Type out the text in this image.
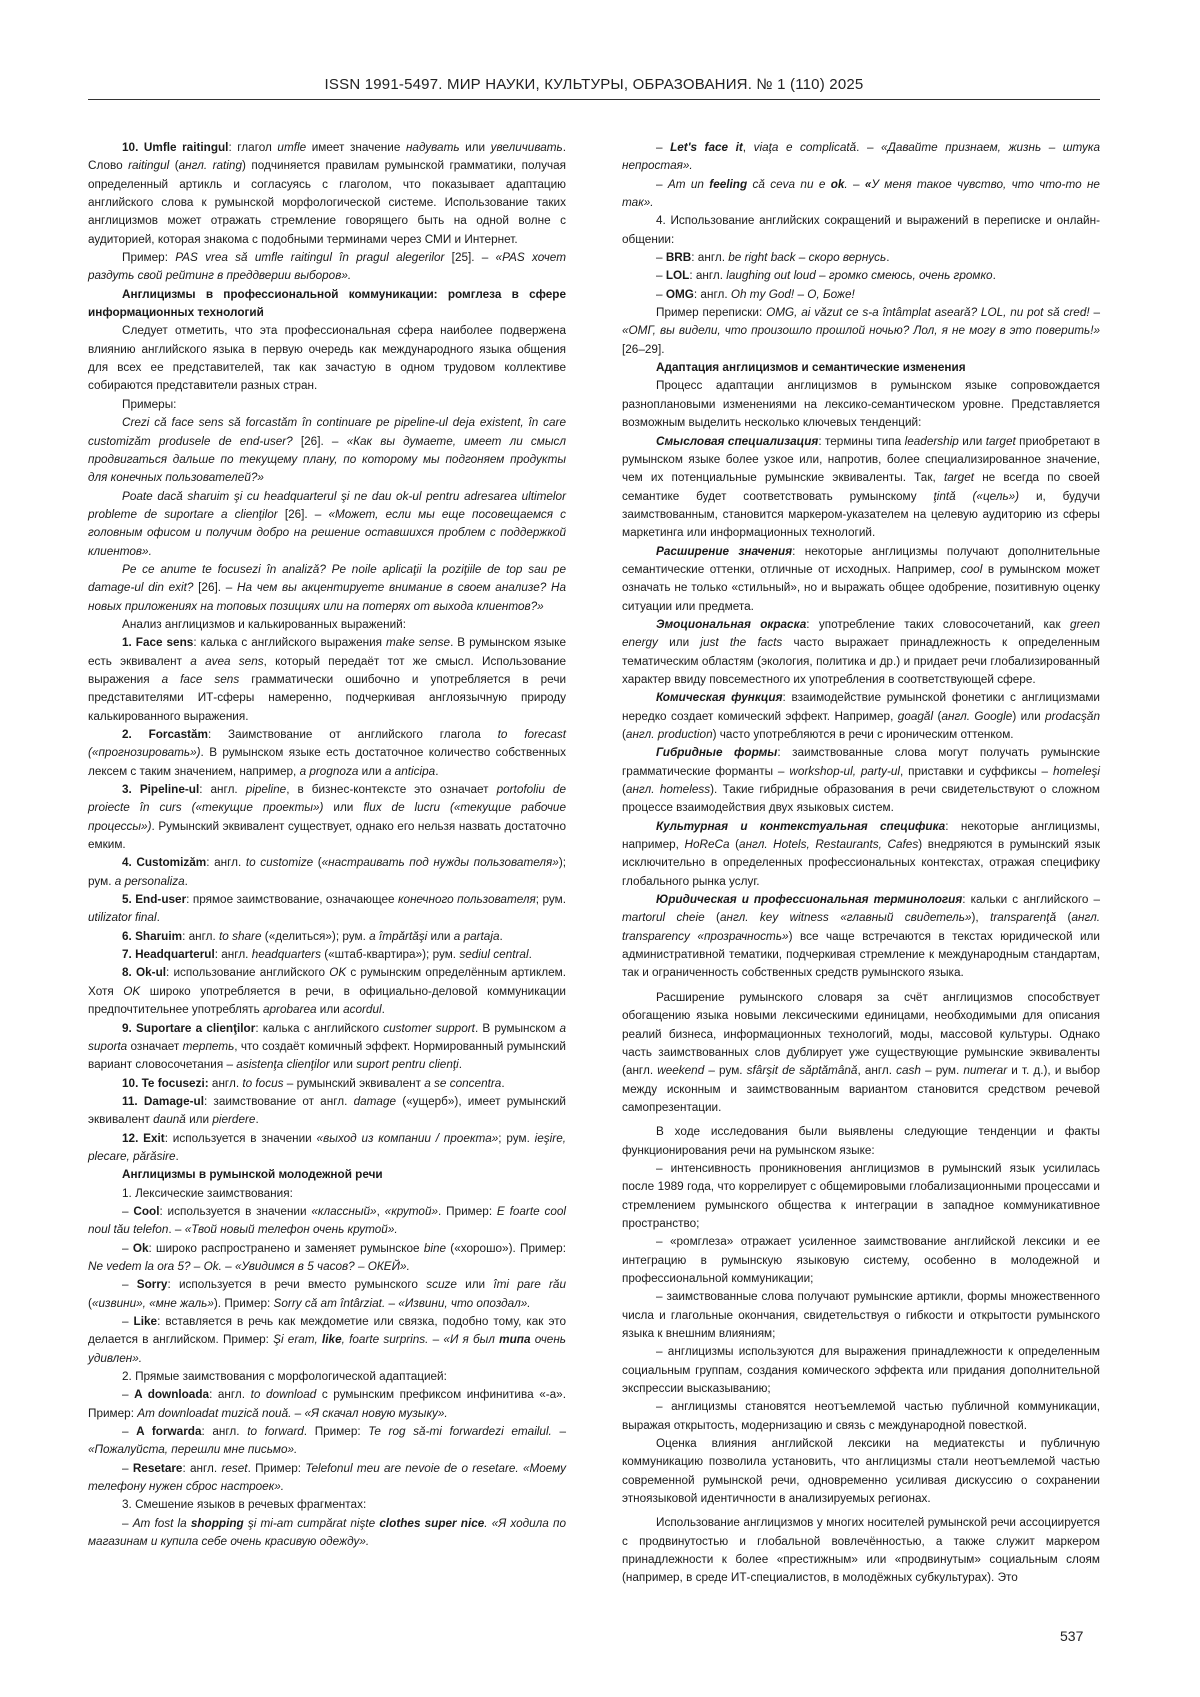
ISSN 1991-5497. МИР НАУКИ, КУЛЬТУРЫ, ОБРАЗОВАНИЯ. № 1 (110) 2025

10. Umfle raitingul: глагол umfle имеет значение надувать или увеличивать. Слово raitingul (англ. rating) подчиняется правилам румынской грамматики, получая определенный артикль и согласуясь с глаголом, что показывает адаптацию английского слова к румынской морфологической системе. Использование таких англицизмов может отражать стремление говорящего быть на одной волне с аудиторией, которая знакома с подобными терминами через СМИ и Интернет.

Пример: PAS vrea să umfle raitingul în pragul alegerilor [25]. – «PAS хочет раздуть свой рейтинг в преддверии выборов».

Англицизмы в профессиональной коммуникации: ромглеза в сфере информационных технологий

Следует отметить, что эта профессиональная сфера наиболее подвержена влиянию английского языка в первую очередь как международного языка общения для всех ее представителей, так как зачастую в одном трудовом коллективе собираются представители разных стран.

Примеры:

Crezi că face sens să forcastăm în continuare pe pipeline-ul deja existent, în care customizăm produsele de end-user? [26]. – «Как вы думаете, имеет ли смысл продвигаться дальше по текущему плану, по которому мы подгоняем продукты для конечных пользователей?»

Poate dacă sharuim şi cu headquarterul şi ne dau ok-ul pentru adresarea ultimelor probleme de suportare a clienţilor [26]. – «Может, если мы еще посовещаемся с головным офисом и получим добро на решение оставшихся проблем с поддержкой клиентов».

Pe ce anume te focusezi în analiză? Pe noile aplicaţii la poziţiile de top sau pe damage-ul din exit? [26]. – На чем вы акцентируете внимание в своем анализе? На новых приложениях на топовых позициях или на потерях от выхода клиентов?»

Анализ англицизмов и калькированных выражений:

1. Face sens: калька с английского выражения make sense. В румынском языке есть эквивалент a avea sens, который передаёт тот же смысл. Использование выражения a face sens грамматически ошибочно и употребляется в речи представителями ИТ-сферы намеренно, подчеркивая англоязычную природу калькированного выражения.

2. Forcastăm: Заимствование от английского глагола to forecast («прогнозировать»). В румынском языке есть достаточное количество собственных лексем с таким значением, например, a prognoza или a anticipa.

3. Pipeline-ul: англ. pipeline, в бизнес-контексте это означает portofoliu de proiecte în curs («текущие проекты») или flux de lucru («текущие рабочие процессы»). Румынский эквивалент существует, однако его нельзя назвать достаточно емким.

4. Customizăm: англ. to customize («настраивать под нужды пользователя»); рум. a personaliza.

5. End-user: прямое заимствование, означающее конечного пользователя; рум. utilizator final.

6. Sharuim: англ. to share («делиться»); рум. a împărtăşi или a partaja.

7. Headquarterul: англ. headquarters («штаб-квартира»); рум. sediul central.

8. Ok-ul: использование английского OK с румынским определённым артиклем. Хотя OK широко употребляется в речи, в официально-деловой коммуникации предпочтительнее употреблять aprobarea или acordul.

9. Suportare a clienţilor: калька с английского customer support. В румынском a suporta означает терпеть, что создаёт комичный эффект. Нормированный румынский вариант словосочетания – asistenţa clienţilor или suport pentru clienţi.

10. Te focusezi: англ. to focus – румынский эквивалент a se concentra.

11. Damage-ul: заимствование от англ. damage («ущерб»), имеет румынский эквивалент daună или pierdere.

12. Exit: используется в значении «выход из компании / проекта»; рум. ieşire, plecare, părăsire.

Англицизмы в румынской молодежной речи

1. Лексические заимствования:

– Cool: используется в значении «классный», «крутой». Пример: E foarte cool noul tău telefon. – «Твой новый телефон очень крутой».

– Ok: широко распространено и заменяет румынское bine («хорошо»). Пример: Ne vedem la ora 5? – Ok. – «Увидимся в 5 часов? – ОКЕЙ».

– Sorry: используется в речи вместо румынского scuze или îmi pare rău («извини», «мне жаль»). Пример: Sorry că am întârziat. – «Извини, что опоздал».

– Like: вставляется в речь как междометие или связка, подобно тому, как это делается в английском. Пример: Şi eram, like, foarte surprins. – «И я был типа очень удивлен».

2. Прямые заимствования с морфологической адаптацией:

– A downloada: англ. to download с румынским префиксом инфинитива «-a». Пример: Am downloadat muzică nouă. – «Я скачал новую музыку».

– A forwarda: англ. to forward. Пример: Te rog să-mi forwardezi emailul. – «Пожалуйста, перешли мне письмо».

– Resetare: англ. reset. Пример: Telefonul meu are nevoie de o resetare. «Моему телефону нужен сброс настроек».

3. Смешение языков в речевых фрагментах:

– Am fost la shopping şi mi-am cumpărat nişte clothes super nice. «Я ходила по магазинам и купила себе очень красивую одежду».

– Let's face it, viaţa e complicată. – «Давайте признаем, жизнь – штука непростая».

– Am un feeling că ceva nu e ok. – «У меня такое чувство, что что-то не так».

4. Использование английских сокращений и выражений в переписке и онлайн-общении:

– BRB: англ. be right back – скоро вернусь.

– LOL: англ. laughing out loud – громко смеюсь, очень громко.

– OMG: англ. Oh my God! – О, Боже!

Пример переписки: OMG, ai văzut ce s-a întâmplat aseară? LOL, nu pot să cred! – «ОМГ, вы видели, что произошло прошлой ночью? Лол, я не могу в это поверить!» [26–29].

Адаптация англицизмов и семантические изменения

Процесс адаптации англицизмов в румынском языке сопровождается разноплановыми изменениями на лексико-семантическом уровне. Представляется возможным выделить несколько ключевых тенденций:

Смысловая специализация: термины типа leadership или target приобретают в румынском языке более узкое или, напротив, более специализированное значение, чем их потенциальные румынские эквиваленты. Так, target не всегда по своей семантике будет соответствовать румынскому ţintă («цель») и, будучи заимствованным, становится маркером-указателем на целевую аудиторию из сферы маркетинга или информационных технологий.

Расширение значения: некоторые англицизмы получают дополнительные семантические оттенки, отличные от исходных. Например, cool в румынском может означать не только «стильный», но и выражать общее одобрение, позитивную оценку ситуации или предмета.

Эмоциональная окраска: употребление таких словосочетаний, как green energy или just the facts часто выражает принадлежность к определенным тематическим областям (экология, политика и др.) и придает речи глобализированный характер ввиду повсеместного их употребления в соответствующей сфере.

Комическая функция: взаимодействие румынской фонетики с англицизмами нередко создает комический эффект. Например, goagăl (англ. Google) или prodacşăn (англ. production) часто употребляются в речи с ироническим оттенком.

Гибридные формы: заимствованные слова могут получать румынские грамматические форманты – workshop-ul, party-ul, приставки и суффиксы – homeleşi (англ. homeless). Такие гибридные образования в речи свидетельствуют о сложном процессе взаимодействия двух языковых систем.

Культурная и контекстуальная специфика: некоторые англицизмы, например, HoReCa (англ. Hotels, Restaurants, Cafes) внедряются в румынский язык исключительно в определенных профессиональных контекстах, отражая специфику глобального рынка услуг.

Юридическая и профессиональная терминология: кальки с английского – martorul cheie (англ. key witness «главный свидетель»), transparenţă (англ. transparency «прозрачность») все чаще встречаются в текстах юридической или административной тематики, подчеркивая стремление к международным стандартам, так и ограниченность собственных средств румынского языка.

Расширение румынского словаря за счёт англицизмов способствует обогащению языка новыми лексическими единицами, необходимыми для описания реалий бизнеса, информационных технологий, моды, массовой культуры. Однако часть заимствованных слов дублирует уже существующие румынские эквиваленты (англ. weekend – рум. sfârşit de săptămână, англ. cash – рум. numerar и т. д.), и выбор между исконным и заимствованным вариантом становится средством речевой самопрезентации.

В ходе исследования были выявлены следующие тенденции и факты функционирования речи на румынском языке:

– интенсивность проникновения англицизмов в румынский язык усилилась после 1989 года, что коррелирует с общемировыми глобализационными процессами и стремлением румынского общества к интеграции в западное коммуникативное пространство;

– «ромглеза» отражает усиленное заимствование английской лексики и ее интеграцию в румынскую языковую систему, особенно в молодежной и профессиональной коммуникации;

– заимствованные слова получают румынские артикли, формы множественного числа и глагольные окончания, свидетельствуя о гибкости и открытости румынского языка к внешним влияниям;

– англицизмы используются для выражения принадлежности к определенным социальным группам, создания комического эффекта или придания дополнительной экспрессии высказыванию;

– англицизмы становятся неотъемлемой частью публичной коммуникации, выражая открытость, модернизацию и связь с международной повесткой.

Оценка влияния английской лексики на медиатексты и публичную коммуникацию позволила установить, что англицизмы стали неотъемлемой частью современной румынской речи, одновременно усиливая дискуссию о сохранении этноязыковой идентичности в анализируемых регионах.

Использование англицизмов у многих носителей румынской речи ассоциируется с продвинутостью и глобальной вовлечённостью, а также служит маркером принадлежности к более «престижным» или «продвинутым» социальным слоям (например, в среде ИТ-специалистов, в молодёжных субкультурах). Это

537
